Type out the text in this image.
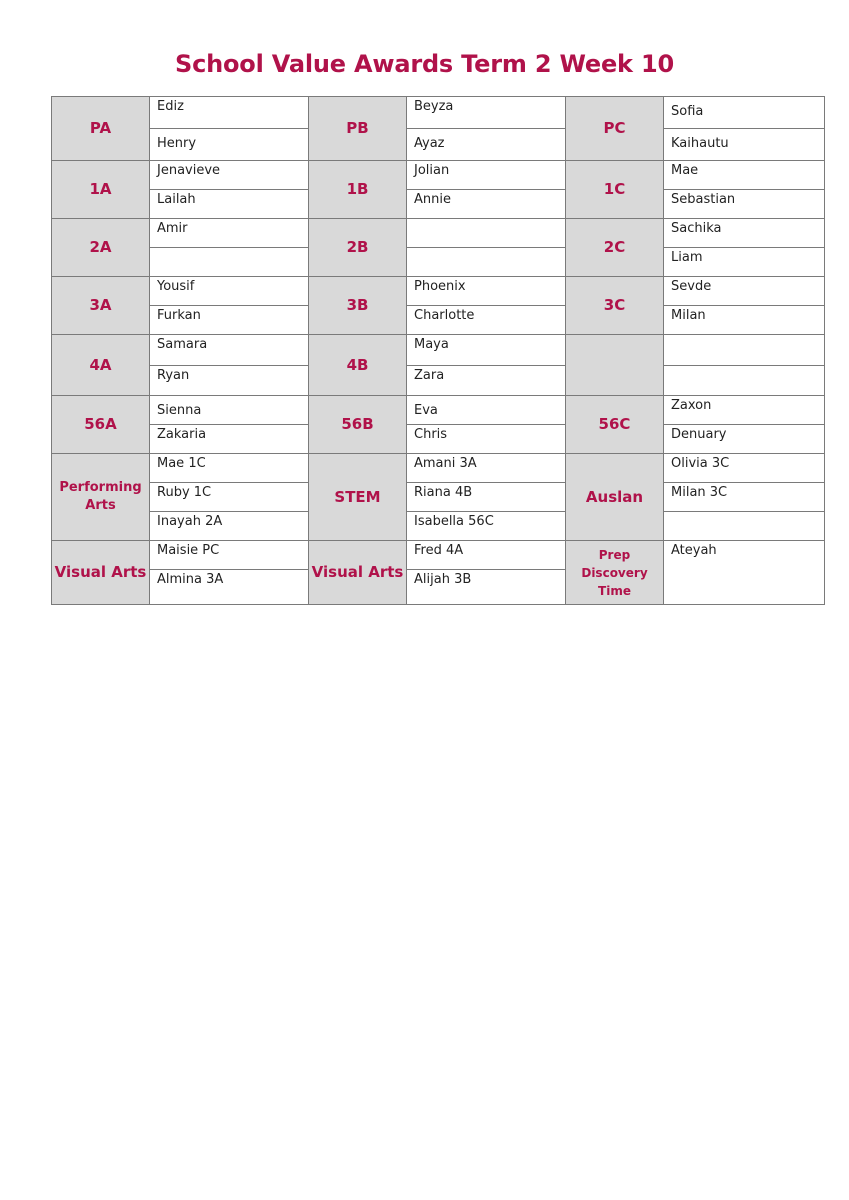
School Value Awards Term 2 Week 10
PA	Ediz	PB	Beyza	PC	Sofia
	Henry		Ayaz		Kaihautu
1A	Jenavieve	1B	Jolian	1C	Mae
	Lailah		Annie		Sebastian
2A	Amir	2B		2C	Sachika
					Liam
3A	Yousif	3B	Phoenix	3C	Sevde
	Furkan		Charlotte		Milan
4A	Samara	4B	Maya		
	Ryan		Zara		
56A	Sienna	56B	Eva	56C	Zaxon
	Zakaria		Chris		Denuary
Performing Arts	Mae 1C	STEM	Amani 3A	Auslan	Olivia 3C
	Ruby 1C		Riana 4B		Milan 3C
	Inayah 2A		Isabella 56C		
Visual Arts	Maisie PC	Visual Arts	Fred 4A	Prep Discovery Time	Ateyah
	Almina 3A		Alijah 3B		
